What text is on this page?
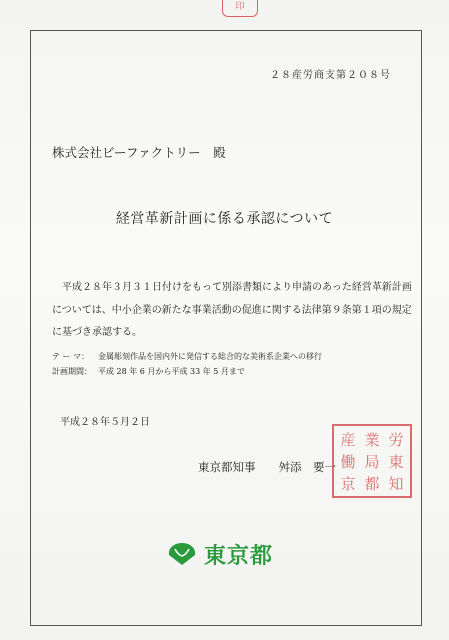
印
２８産労商支第２０８号
株式会社ビーファクトリー　殿
経営革新計画に係る承認について
平成２８年３月３１日付けをもって別添書類により申請のあった経営革新計画
については、中小企業の新たな事業活動の促進に関する法律第９条第１項の規定
に基づき承認する。
テ ー マ： 金属彫刻作品を国内外に発信する総合的な美術系企業への移行
計画期間： 平成 28 年 6 月から平成 33 年 5 月まで
平成２８年５月２日
東京都知事　　舛添　要一
産 業 労
働 局 東
京 都 知
東京都
